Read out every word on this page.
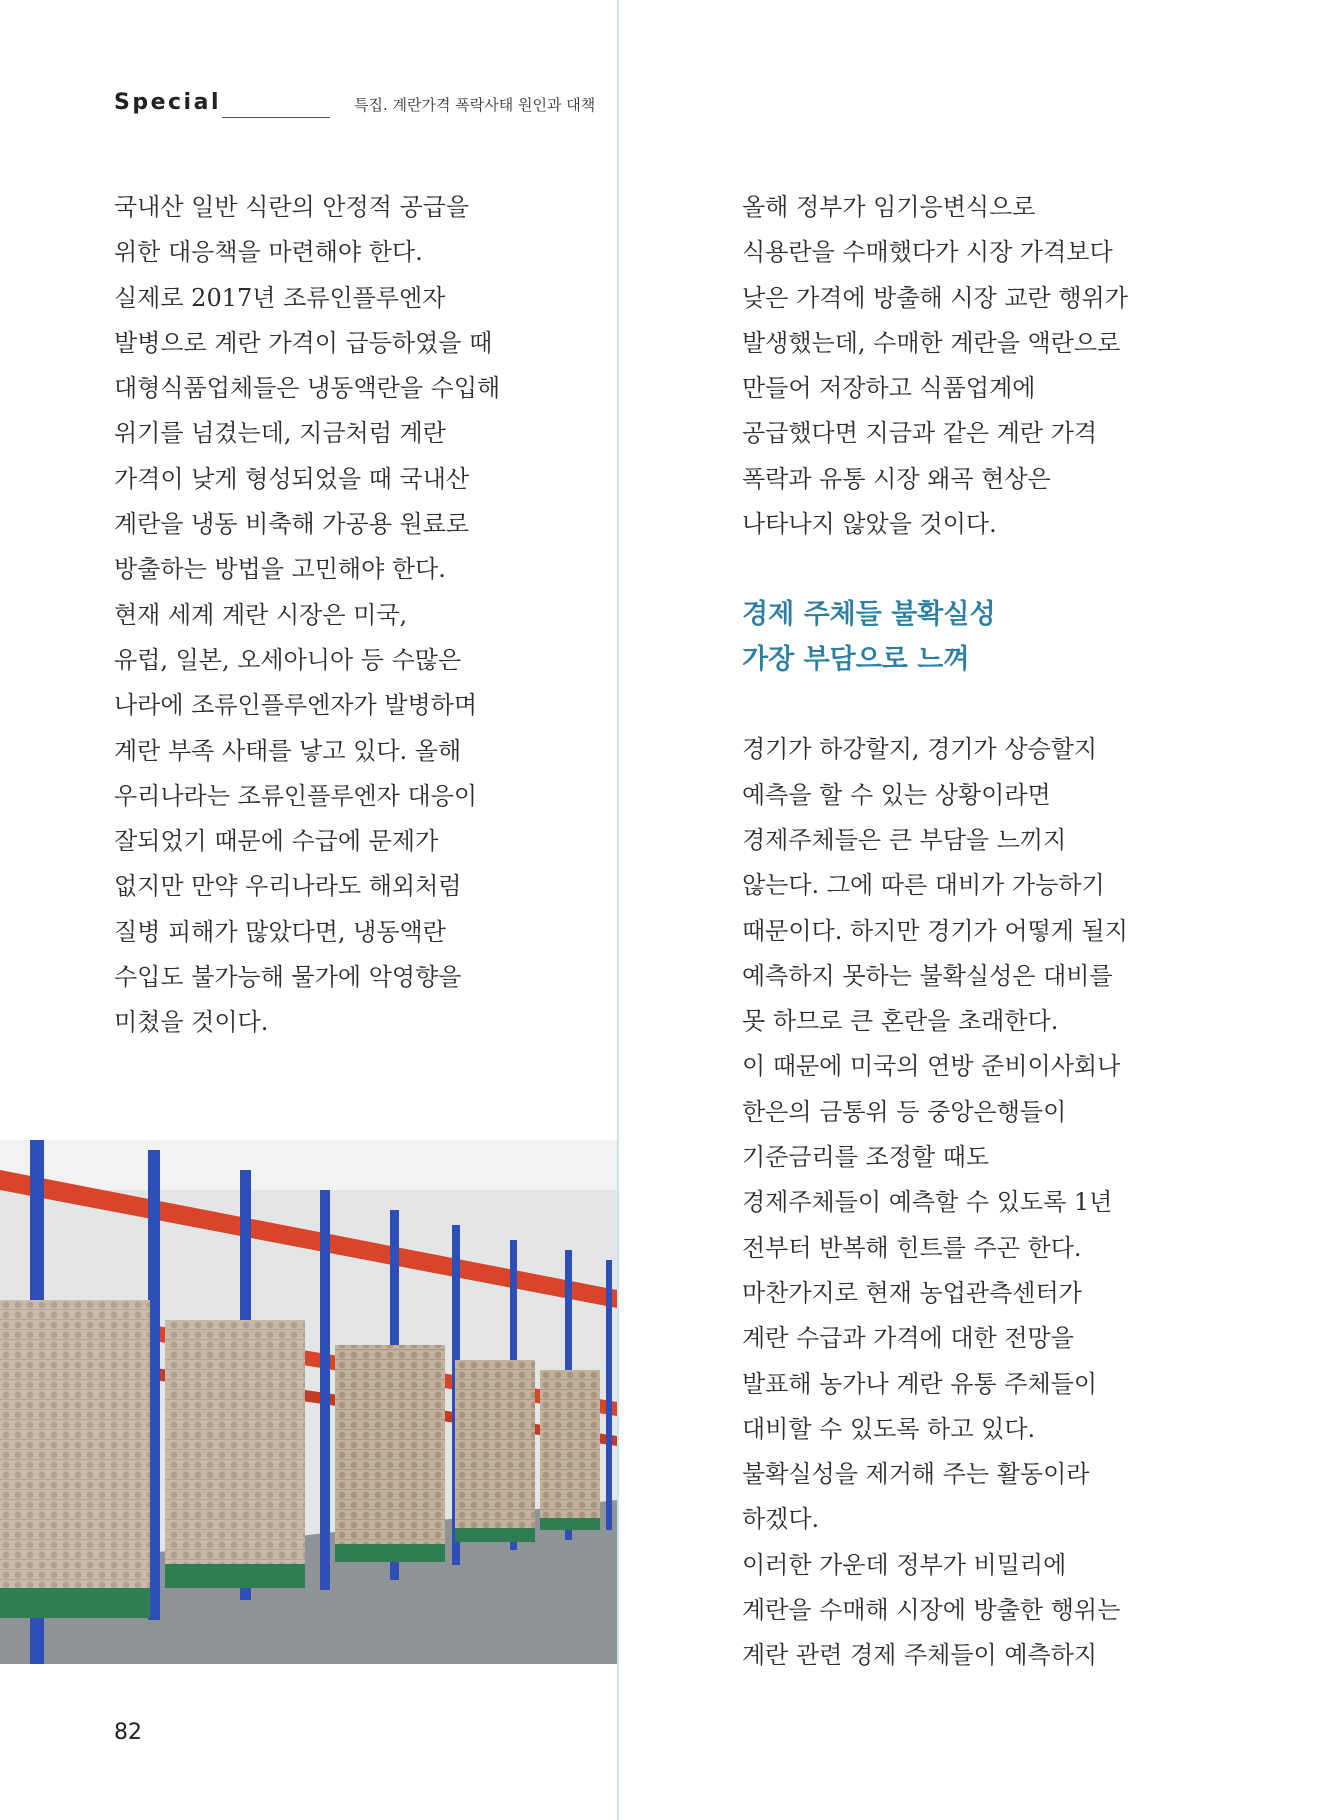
Special	특집. 계란가격 폭락사태 원인과 대책
국내산 일반 식란의 안정적 공급을
위한 대응책을 마련해야 한다.
실제로 2017년 조류인플루엔자
발병으로 계란 가격이 급등하였을 때
대형식품업체들은 냉동액란을 수입해
위기를 넘겼는데, 지금처럼 계란
가격이 낮게 형성되었을 때 국내산
계란을 냉동 비축해 가공용 원료로
방출하는 방법을 고민해야 한다.
현재 세계 계란 시장은 미국,
유럽, 일본, 오세아니아 등 수많은
나라에 조류인플루엔자가 발병하며
계란 부족 사태를 낳고 있다. 올해
우리나라는 조류인플루엔자 대응이
잘되었기 때문에 수급에 문제가
없지만 만약 우리나라도 해외처럼
질병 피해가 많았다면, 냉동액란
수입도 불가능해 물가에 악영향을
미쳤을 것이다.
올해 정부가 임기응변식으로
식용란을 수매했다가 시장 가격보다
낮은 가격에 방출해 시장 교란 행위가
발생했는데, 수매한 계란을 액란으로
만들어 저장하고 식품업계에
공급했다면 지금과 같은 계란 가격
폭락과 유통 시장 왜곡 현상은
나타나지 않았을 것이다.
경제 주체들 불확실성
가장 부담으로 느껴
경기가 하강할지, 경기가 상승할지
예측을 할 수 있는 상황이라면
경제주체들은 큰 부담을 느끼지
않는다. 그에 따른 대비가 가능하기
때문이다. 하지만 경기가 어떻게 될지
예측하지 못하는 불확실성은 대비를
못 하므로 큰 혼란을 초래한다.
이 때문에 미국의 연방 준비이사회나
한은의 금통위 등 중앙은행들이
기준금리를 조정할 때도
경제주체들이 예측할 수 있도록 1년
전부터 반복해 힌트를 주곤 한다.
마찬가지로 현재 농업관측센터가
계란 수급과 가격에 대한 전망을
발표해 농가나 계란 유통 주체들이
대비할 수 있도록 하고 있다.
불확실성을 제거해 주는 활동이라
하겠다.
이러한 가운데 정부가 비밀리에
계란을 수매해 시장에 방출한 행위는
계란 관련 경제 주체들이 예측하지
82
